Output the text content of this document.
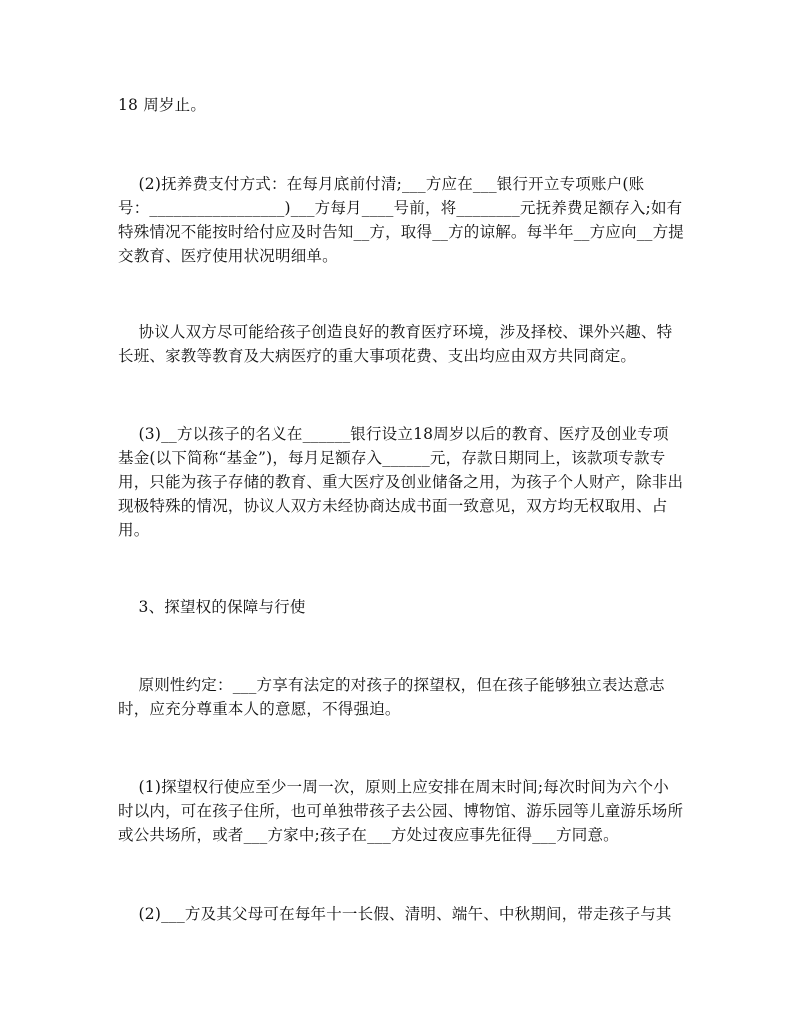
18 周岁止。
(2)抚养费支付方式：在每月底前付清;___方应在___银行开立专项账户(账
号：_________________)___方每月____号前，将________元抚养费足额存入;如有
特殊情况不能按时给付应及时告知__方，取得__方的谅解。每半年__方应向__方提
交教育、医疗使用状况明细单。
协议人双方尽可能给孩子创造良好的教育医疗环境，涉及择校、课外兴趣、特
长班、家教等教育及大病医疗的重大事项花费、支出均应由双方共同商定。
(3)__方以孩子的名义在______银行设立18周岁以后的教育、医疗及创业专项
基金(以下简称“基金”)，每月足额存入______元，存款日期同上，该款项专款专
用，只能为孩子存储的教育、重大医疗及创业储备之用，为孩子个人财产，除非出
现极特殊的情况，协议人双方未经协商达成书面一致意见，双方均无权取用、占
用。
3、探望权的保障与行使
原则性约定：___方享有法定的对孩子的探望权，但在孩子能够独立表达意志
时，应充分尊重本人的意愿，不得强迫。
(1)探望权行使应至少一周一次，原则上应安排在周末时间;每次时间为六个小
时以内，可在孩子住所，也可单独带孩子去公园、博物馆、游乐园等儿童游乐场所
或公共场所，或者___方家中;孩子在___方处过夜应事先征得___方同意。
(2)___方及其父母可在每年十一长假、清明、端午、中秋期间，带走孩子与其
